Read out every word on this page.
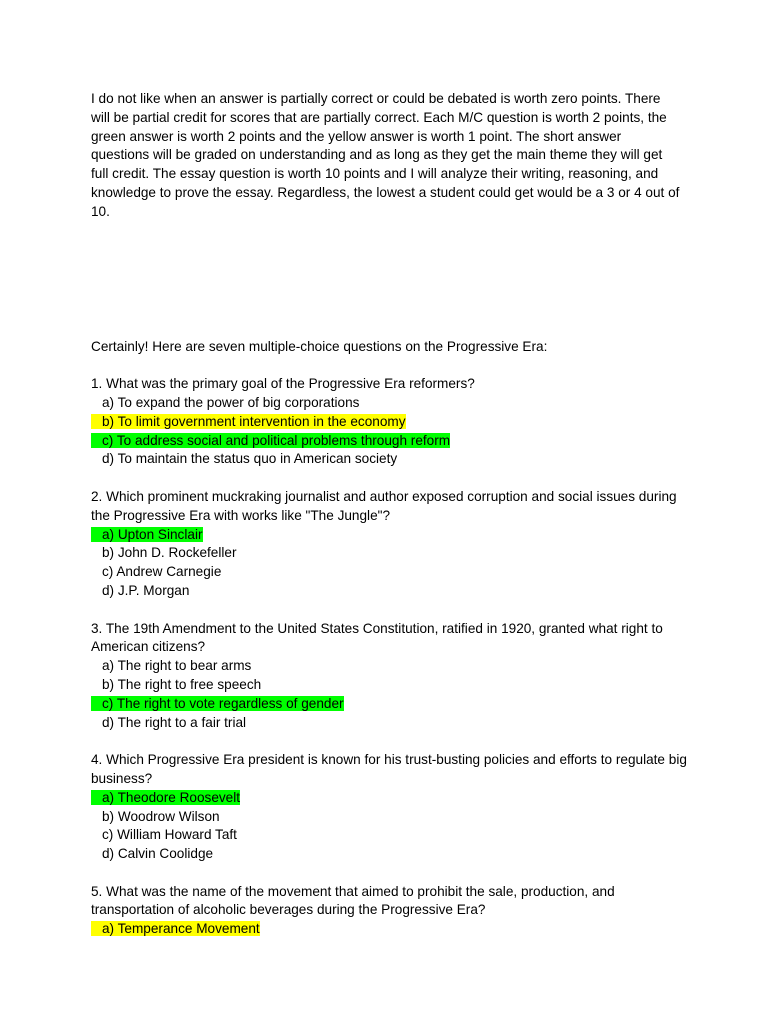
I do not like when an answer is partially correct or could be debated is worth zero points. There will be partial credit for scores that are partially correct. Each M/C question is worth 2 points, the green answer is worth 2 points and the yellow answer is worth 1 point. The short answer questions will be graded on understanding and as long as they get the main theme they will get full credit. The essay question is worth 10 points and I will analyze their writing, reasoning, and knowledge to prove the essay. Regardless, the lowest a student could get would be a 3 or 4 out of 10.

Certainly! Here are seven multiple-choice questions on the Progressive Era:

1. What was the primary goal of the Progressive Era reformers?

a) To expand the power of big corporations
b) To limit government intervention in the economy
c) To address social and political problems through reform
d) To maintain the status quo in American society

2. Which prominent muckraking journalist and author exposed corruption and social issues during the Progressive Era with works like "The Jungle"?

a) Upton Sinclair
b) John D. Rockefeller
c) Andrew Carnegie
d) J.P. Morgan

3. The 19th Amendment to the United States Constitution, ratified in 1920, granted what right to American citizens?

a) The right to bear arms
b) The right to free speech
c) The right to vote regardless of gender
d) The right to a fair trial

4. Which Progressive Era president is known for his trust-busting policies and efforts to regulate big business?

a) Theodore Roosevelt
b) Woodrow Wilson
c) William Howard Taft
d) Calvin Coolidge

5. What was the name of the movement that aimed to prohibit the sale, production, and transportation of alcoholic beverages during the Progressive Era?

a) Temperance Movement
